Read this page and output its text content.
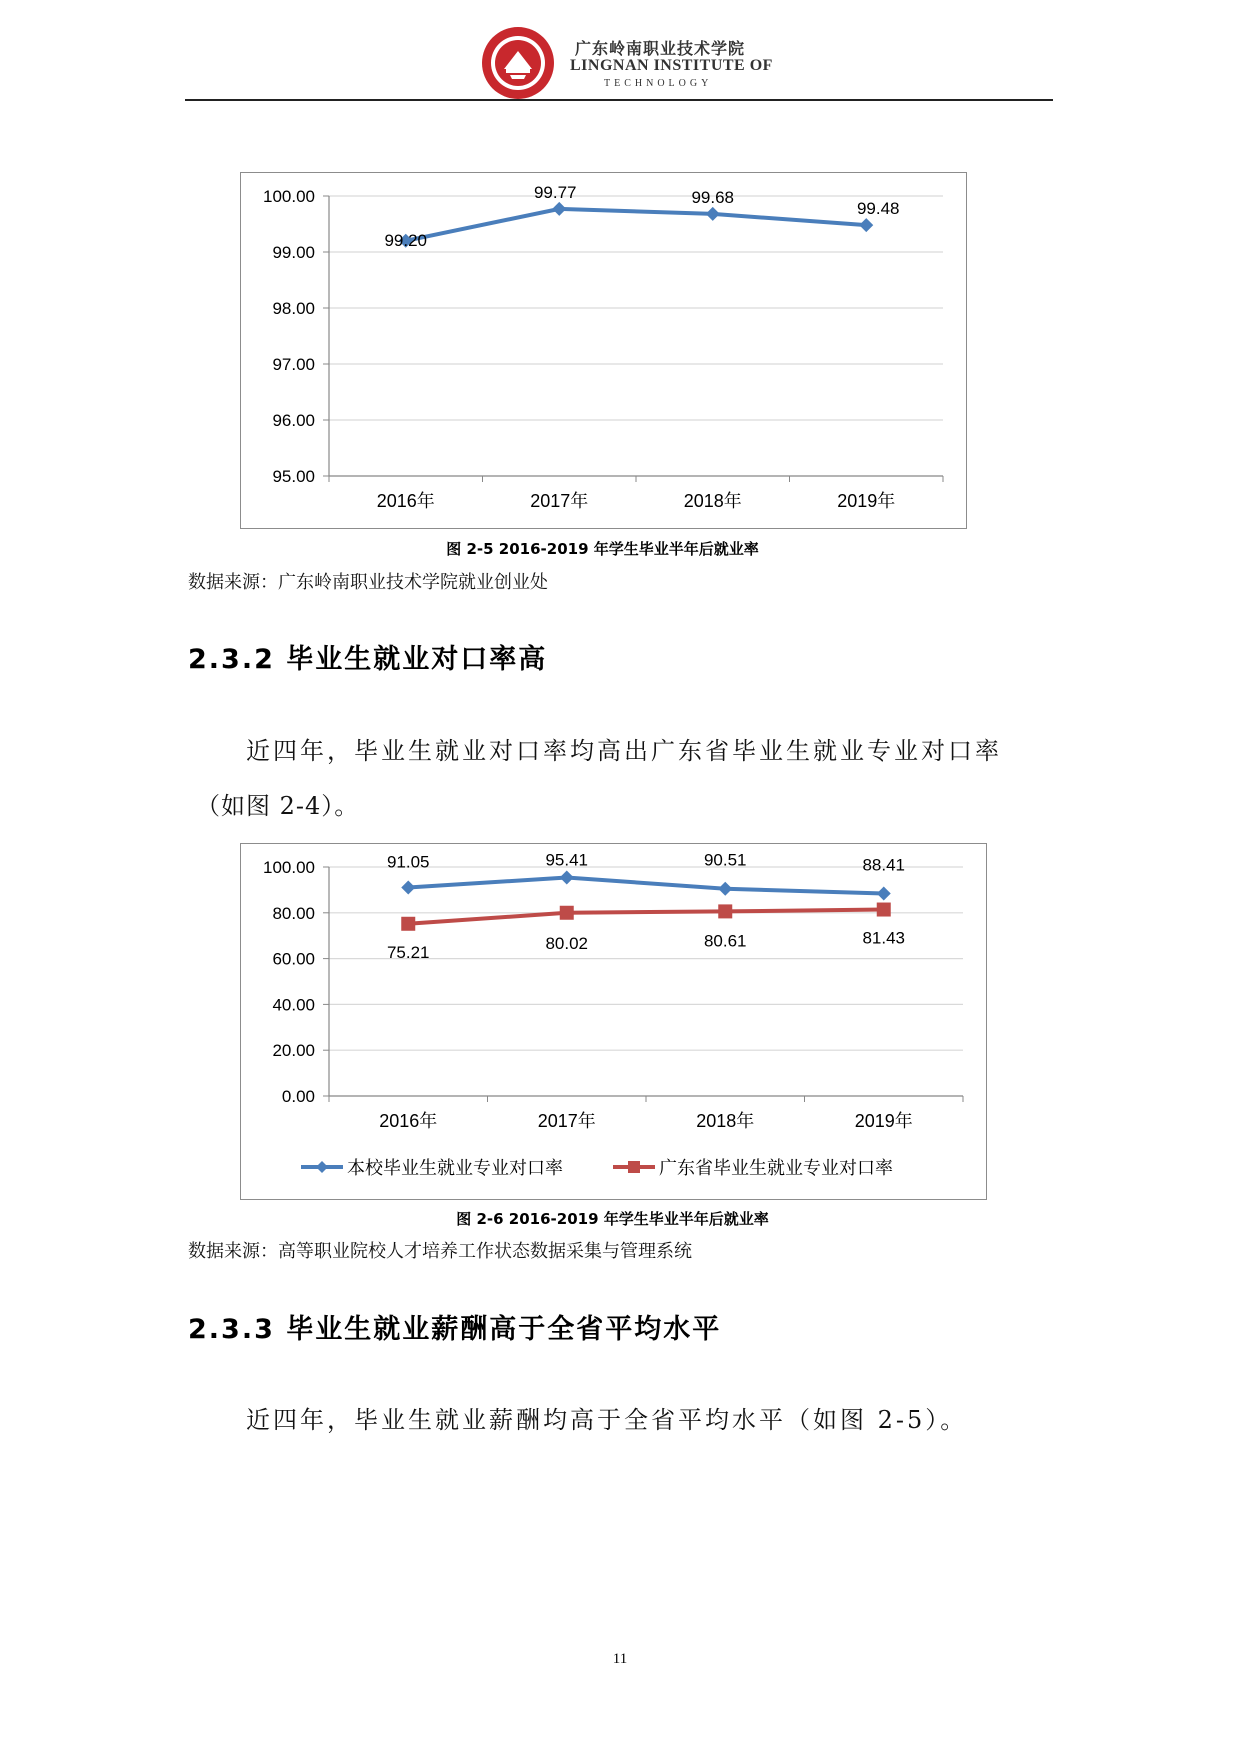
广东岭南职业技术学院
LINGNAN INSTITUTE OF
TECHNOLOGY
100.00
99.00
98.00
97.00
96.00
95.00
2016年	2017年	2018年	2019年
99.20
99.77	99.68
99.48
图 2-5 2016-2019 年学生毕业半年后就业率
数据来源：广东岭南职业技术学院就业创业处
2.3.2 毕业生就业对口率高
近四年，毕业生就业对口率均高出广东省毕业生就业专业对口率
（如图 2-4）。
100.00
80.00
60.00
40.00
20.00
0.00
2016年	2017年	2018年	2019年
91.05	95.41	90.51	88.41
75.21	80.02	80.61	81.43
本校毕业生就业专业对口率	广东省毕业生就业专业对口率
图 2-6 2016-2019 年学生毕业半年后就业率
数据来源：高等职业院校人才培养工作状态数据采集与管理系统
2.3.3 毕业生就业薪酬高于全省平均水平
近四年，毕业生就业薪酬均高于全省平均水平（如图 2-5）。
11
